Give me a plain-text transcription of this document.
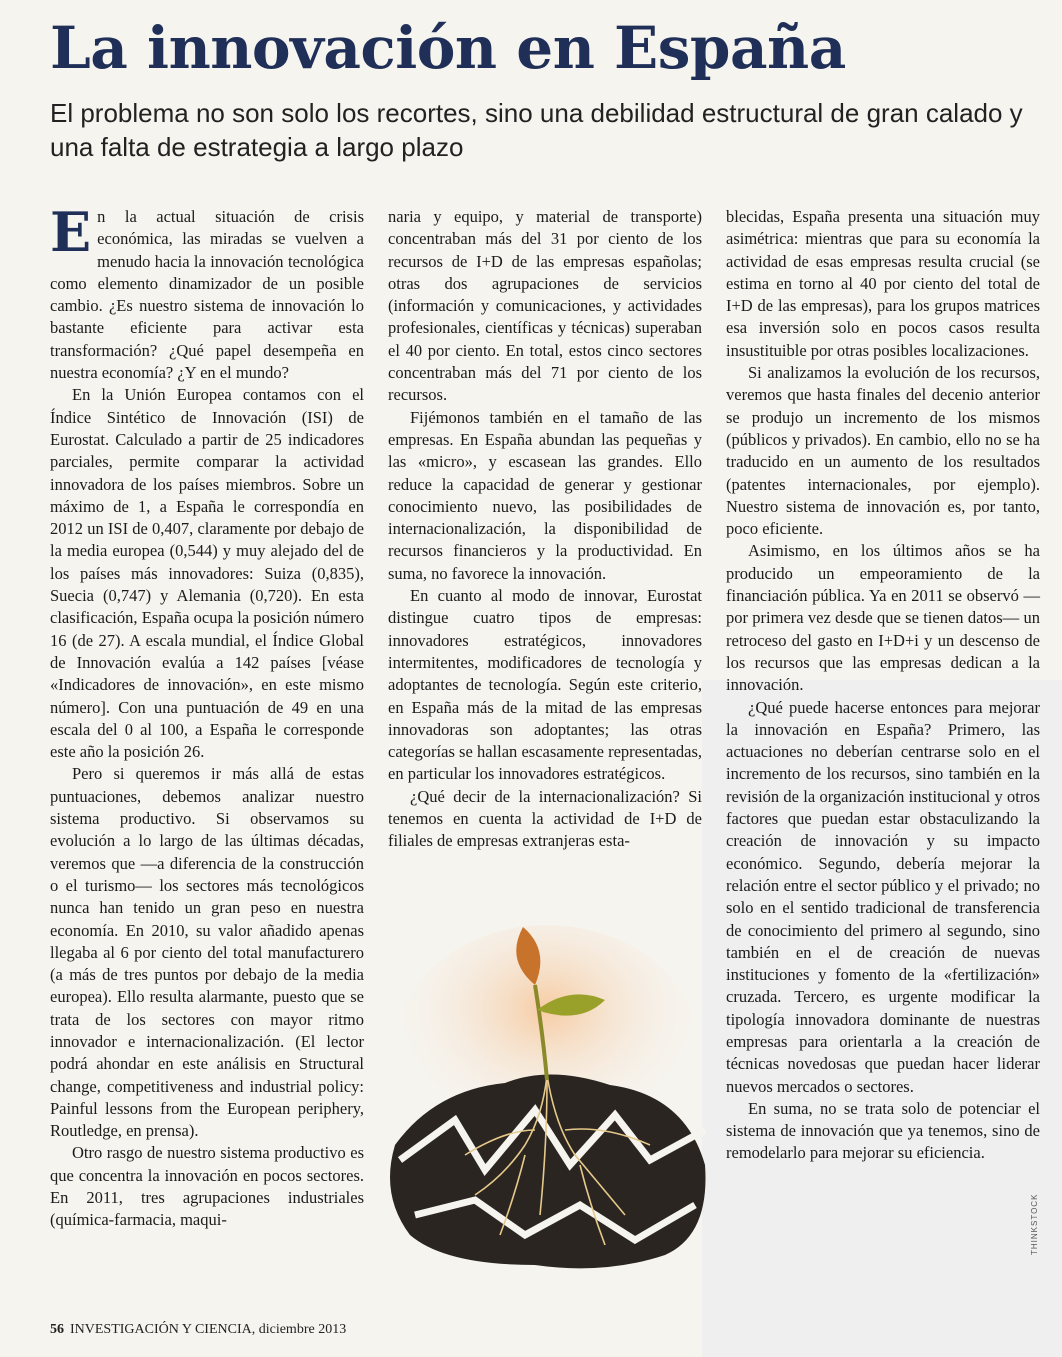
La innovación en España
El problema no son solo los recortes, sino una debilidad estructural de gran calado y una falta de estrategia a largo plazo

En la actual situación de crisis económica, las miradas se vuelven a menudo hacia la innovación tecnológica como elemento dinamizador de un posible cambio. ¿Es nuestro sistema de innovación lo bastante eficiente para activar esta transformación? ¿Qué papel desempeña en nuestra economía? ¿Y en el mundo?

En la Unión Europea contamos con el Índice Sintético de Innovación (ISI) de Eurostat. Calculado a partir de 25 indicadores parciales, permite comparar la actividad innovadora de los países miembros. Sobre un máximo de 1, a España le correspondía en 2012 un ISI de 0,407, claramente por debajo de la media europea (0,544) y muy alejado del de los países más innovadores: Suiza (0,835), Suecia (0,747) y Alemania (0,720). En esta clasificación, España ocupa la posición número 16 (de 27). A escala mundial, el Índice Global de Innovación evalúa a 142 países [véase «Indicadores de innovación», en este mismo número]. Con una puntuación de 49 en una escala del 0 al 100, a España le corresponde este año la posición 26.

Pero si queremos ir más allá de estas puntuaciones, debemos analizar nuestro sistema productivo. Si observamos su evolución a lo largo de las últimas décadas, veremos que —a diferencia de la construcción o el turismo— los sectores más tecnológicos nunca han tenido un gran peso en nuestra economía. En 2010, su valor añadido apenas llegaba al 6 por ciento del total manufacturero (a más de tres puntos por debajo de la media europea). Ello resulta alarmante, puesto que se trata de los sectores con mayor ritmo innovador e internacionalización. (El lector podrá ahondar en este análisis en Structural change, competitiveness and industrial policy: Painful lessons from the European periphery, Routledge, en prensa).

Otro rasgo de nuestro sistema productivo es que concentra la innovación en pocos sectores. En 2011, tres agrupaciones industriales (química-farmacia, maqui-

naria y equipo, y material de transporte) concentraban más del 31 por ciento de los recursos de I+D de las empresas españolas; otras dos agrupaciones de servicios (información y comunicaciones, y actividades profesionales, científicas y técnicas) superaban el 40 por ciento. En total, estos cinco sectores concentraban más del 71 por ciento de los recursos.

Fijémonos también en el tamaño de las empresas. En España abundan las pequeñas y las «micro», y escasean las grandes. Ello reduce la capacidad de generar y gestionar conocimiento nuevo, las posibilidades de internacionalización, la disponibilidad de recursos financieros y la productividad. En suma, no favorece la innovación.

En cuanto al modo de innovar, Eurostat distingue cuatro tipos de empresas: innovadores estratégicos, innovadores intermitentes, modificadores de tecnología y adoptantes de tecnología. Según este criterio, en España más de la mitad de las empresas innovadoras son adoptantes; las otras categorías se hallan escasamente representadas, en particular los innovadores estratégicos.

¿Qué decir de la internacionalización? Si tenemos en cuenta la actividad de I+D de filiales de empresas extranjeras esta-

blecidas, España presenta una situación muy asimétrica: mientras que para su economía la actividad de esas empresas resulta crucial (se estima en torno al 40 por ciento del total de I+D de las empresas), para los grupos matrices esa inversión solo en pocos casos resulta insustituible por otras posibles localizaciones.

Si analizamos la evolución de los recursos, veremos que hasta finales del decenio anterior se produjo un incremento de los mismos (públicos y privados). En cambio, ello no se ha traducido en un aumento de los resultados (patentes internacionales, por ejemplo). Nuestro sistema de innovación es, por tanto, poco eficiente.

Asimismo, en los últimos años se ha producido un empeoramiento de la financiación pública. Ya en 2011 se observó —por primera vez desde que se tienen datos— un retroceso del gasto en I+D+i y un descenso de los recursos que las empresas dedican a la innovación.

¿Qué puede hacerse entonces para mejorar la innovación en España? Primero, las actuaciones no deberían centrarse solo en el incremento de los recursos, sino también en la revisión de la organización institucional y otros factores que puedan estar obstaculizando la creación de innovación y su impacto económico. Segundo, debería mejorar la relación entre el sector público y el privado; no solo en el sentido tradicional de transferencia de conocimiento del primero al segundo, sino también en el de creación de nuevas instituciones y fomento de la «fertilización» cruzada. Tercero, es urgente modificar la tipología innovadora dominante de nuestras empresas para orientarla a la creación de técnicas novedosas que puedan hacer liderar nuevos mercados o sectores.

En suma, no se trata solo de potenciar el sistema de innovación que ya tenemos, sino de remodelarlo para mejorar su eficiencia.

56 INVESTIGACIÓN Y CIENCIA, diciembre 2013
THINKSTOCK
